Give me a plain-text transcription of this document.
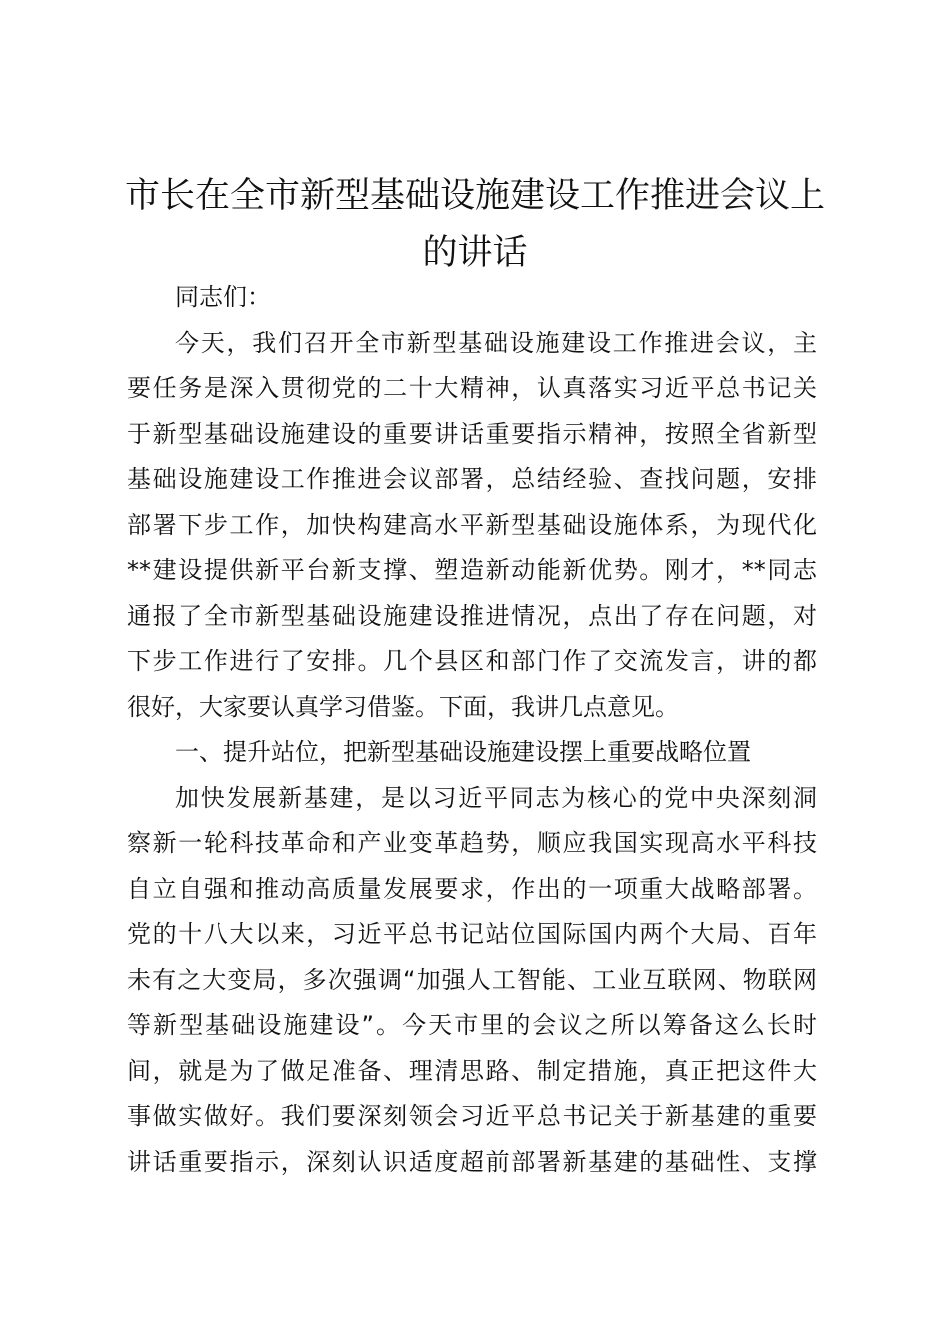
市长在全市新型基础设施建设工作推进会议上
的讲话
同志们：
今天，我们召开全市新型基础设施建设工作推进会议，主
要任务是深入贯彻党的二十大精神，认真落实习近平总书记关
于新型基础设施建设的重要讲话重要指示精神，按照全省新型
基础设施建设工作推进会议部署，总结经验、查找问题，安排
部署下步工作，加快构建高水平新型基础设施体系，为现代化
**建设提供新平台新支撑、塑造新动能新优势。刚才，**同志
通报了全市新型基础设施建设推进情况，点出了存在问题，对
下步工作进行了安排。几个县区和部门作了交流发言，讲的都
很好，大家要认真学习借鉴。下面，我讲几点意见。
一、提升站位，把新型基础设施建设摆上重要战略位置
加快发展新基建，是以习近平同志为核心的党中央深刻洞
察新一轮科技革命和产业变革趋势，顺应我国实现高水平科技
自立自强和推动高质量发展要求，作出的一项重大战略部署。
党的十八大以来，习近平总书记站位国际国内两个大局、百年
未有之大变局，多次强调“加强人工智能、工业互联网、物联网
等新型基础设施建设”。今天市里的会议之所以筹备这么长时
间，就是为了做足准备、理清思路、制定措施，真正把这件大
事做实做好。我们要深刻领会习近平总书记关于新基建的重要
讲话重要指示，深刻认识适度超前部署新基建的基础性、支撑
